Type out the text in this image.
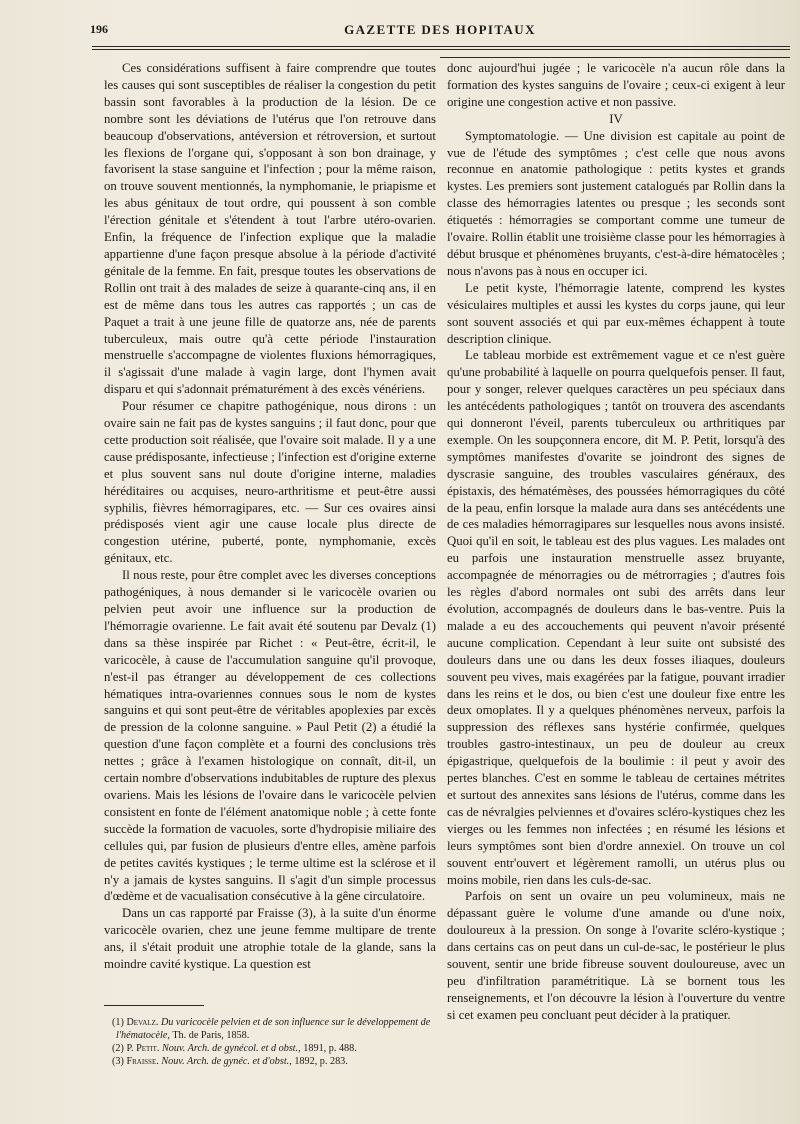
196	GAZETTE DES HOPITAUX

Ces considérations suffisent à faire comprendre que toutes les causes qui sont susceptibles de réaliser la congestion du petit bassin sont favorables à la production de la lésion. De ce nombre sont les déviations de l'utérus que l'on retrouve dans beaucoup d'observations, antéversion et rétroversion, et surtout les flexions de l'organe qui, s'opposant à son bon drainage, y favorisent la stase sanguine et l'infection ; pour la même raison, on trouve souvent mentionnés, la nymphomanie, le priapisme et les abus génitaux de tout ordre, qui poussent à son comble l'érection génitale et s'étendent à tout l'arbre utéro-ovarien. Enfin, la fréquence de l'infection explique que la maladie appartienne d'une façon presque absolue à la période d'activité génitale de la femme. En fait, presque toutes les observations de Rollin ont trait à des malades de seize à quarante-cinq ans, il en est de même dans tous les autres cas rapportés ; un cas de Paquet a trait à une jeune fille de quatorze ans, née de parents tuberculeux, mais outre qu'à cette période l'instauration menstruelle s'accompagne de violentes fluxions hémorragiques, il s'agissait d'une malade à vagin large, dont l'hymen avait disparu et qui s'adonnait prématurément à des excès vénériens.

Pour résumer ce chapitre pathogénique, nous dirons : un ovaire sain ne fait pas de kystes sanguins ; il faut donc, pour que cette production soit réalisée, que l'ovaire soit malade. Il y a une cause prédisposante, infectieuse ; l'infection est d'origine externe et plus souvent sans nul doute d'origine interne, maladies héréditaires ou acquises, neuro-arthritisme et peut-être aussi syphilis, fièvres hémorragipares, etc. — Sur ces ovaires ainsi prédisposés vient agir une cause locale plus directe de congestion utérine, puberté, ponte, nymphomanie, excès génitaux, etc.

Il nous reste, pour être complet avec les diverses conceptions pathogéniques, à nous demander si le varicocèle ovarien ou pelvien peut avoir une influence sur la production de l'hémorragie ovarienne. Le fait avait été soutenu par Devalz (1) dans sa thèse inspirée par Richet : « Peut-être, écrit-il, le varicocèle, à cause de l'accumulation sanguine qu'il provoque, n'est-il pas étranger au développement de ces collections hématiques intra-ovariennes connues sous le nom de kystes sanguins et qui sont peut-être de véritables apoplexies par excès de pression de la colonne sanguine. » Paul Petit (2) a étudié la question d'une façon complète et a fourni des conclusions très nettes ; grâce à l'examen histologique on connaît, dit-il, un certain nombre d'observations indubitables de rupture des plexus ovariens. Mais les lésions de l'ovaire dans le varicocèle pelvien consistent en fonte de l'élément anatomique noble ; à cette fonte succède la formation de vacuoles, sorte d'hydropisie miliaire des cellules qui, par fusion de plusieurs d'entre elles, amène parfois de petites cavités kystiques ; le terme ultime est la sclérose et il n'y a jamais de kystes sanguins. Il s'agit d'un simple processus d'œdème et de vacualisation consécutive à la gêne circulatoire.

Dans un cas rapporté par Fraisse (3), à la suite d'un énorme varicocèle ovarien, chez une jeune femme multipare de trente ans, il s'était produit une atrophie totale de la glande, sans la moindre cavité kystique. La question est

donc aujourd'hui jugée ; le varicocèle n'a aucun rôle dans la formation des kystes sanguins de l'ovaire ; ceux-ci exigent à leur origine une congestion active et non passive.

IV

Symptomatologie. — Une division est capitale au point de vue de l'étude des symptômes ; c'est celle que nous avons reconnue en anatomie pathologique : petits kystes et grands kystes. Les premiers sont justement catalogués par Rollin dans la classe des hémorragies latentes ou presque ; les seconds sont étiquetés : hémorragies se comportant comme une tumeur de l'ovaire. Rollin établit une troisième classe pour les hémorragies à début brusque et phénomènes bruyants, c'est-à-dire hématocèles ; nous n'avons pas à nous en occuper ici.

Le petit kyste, l'hémorragie latente, comprend les kystes vésiculaires multiples et aussi les kystes du corps jaune, qui leur sont souvent associés et qui par eux-mêmes échappent à toute description clinique.

Le tableau morbide est extrêmement vague et ce n'est guère qu'une probabilité à laquelle on pourra quelquefois penser. Il faut, pour y songer, relever quelques caractères un peu spéciaux dans les antécédents pathologiques ; tantôt on trouvera des ascendants qui donneront l'éveil, parents tuberculeux ou arthritiques par exemple. On les soupçonnera encore, dit M. P. Petit, lorsqu'à des symptômes manifestes d'ovarite se joindront des signes de dyscrasie sanguine, des troubles vasculaires généraux, des épistaxis, des hématémèses, des poussées hémorragiques du côté de la peau, enfin lorsque la malade aura dans ses antécédents une de ces maladies hémorragipares sur lesquelles nous avons insisté. Quoi qu'il en soit, le tableau est des plus vagues. Les malades ont eu parfois une instauration menstruelle assez bruyante, accompagnée de ménorragies ou de métrorragies ; d'autres fois les règles d'abord normales ont subi des arrêts dans leur évolution, accompagnés de douleurs dans le bas-ventre. Puis la malade a eu des accouchements qui peuvent n'avoir présenté aucune complication. Cependant à leur suite ont subsisté des douleurs dans une ou dans les deux fosses iliaques, douleurs souvent peu vives, mais exagérées par la fatigue, pouvant irradier dans les reins et le dos, ou bien c'est une douleur fixe entre les deux omoplates. Il y a quelques phénomènes nerveux, parfois la suppression des réflexes sans hystérie confirmée, quelques troubles gastro-intestinaux, un peu de douleur au creux épigastrique, quelquefois de la boulimie : il peut y avoir des pertes blanches. C'est en somme le tableau de certaines métrites et surtout des annexites sans lésions de l'utérus, comme dans les cas de névralgies pelviennes et d'ovaires scléro-kystiques chez les vierges ou les femmes non infectées ; en résumé les lésions et leurs symptômes sont bien d'ordre annexiel. On trouve un col souvent entr'ouvert et légèrement ramolli, un utérus plus ou moins mobile, rien dans les culs-de-sac.

Parfois on sent un ovaire un peu volumineux, mais ne dépassant guère le volume d'une amande ou d'une noix, douloureux à la pression. On songe à l'ovarite scléro-kystique ; dans certains cas on peut dans un cul-de-sac, le postérieur le plus souvent, sentir une bride fibreuse souvent douloureuse, avec un peu d'infiltration paramétritique. Là se bornent tous les renseignements, et l'on découvre la lésion à l'ouverture du ventre si cet examen peu concluant peut décider à la pratiquer.

(1) Devalz. Du varicocèle pelvien et de son influence sur le développement de l'hématocèle, Th. de Paris, 1858.

(2) P. Petit. Nouv. Arch. de gynécol. et d obst., 1891, p. 488.

(3) Fraisse. Nouv. Arch. de gynéc. et d'obst., 1892, p. 283.
